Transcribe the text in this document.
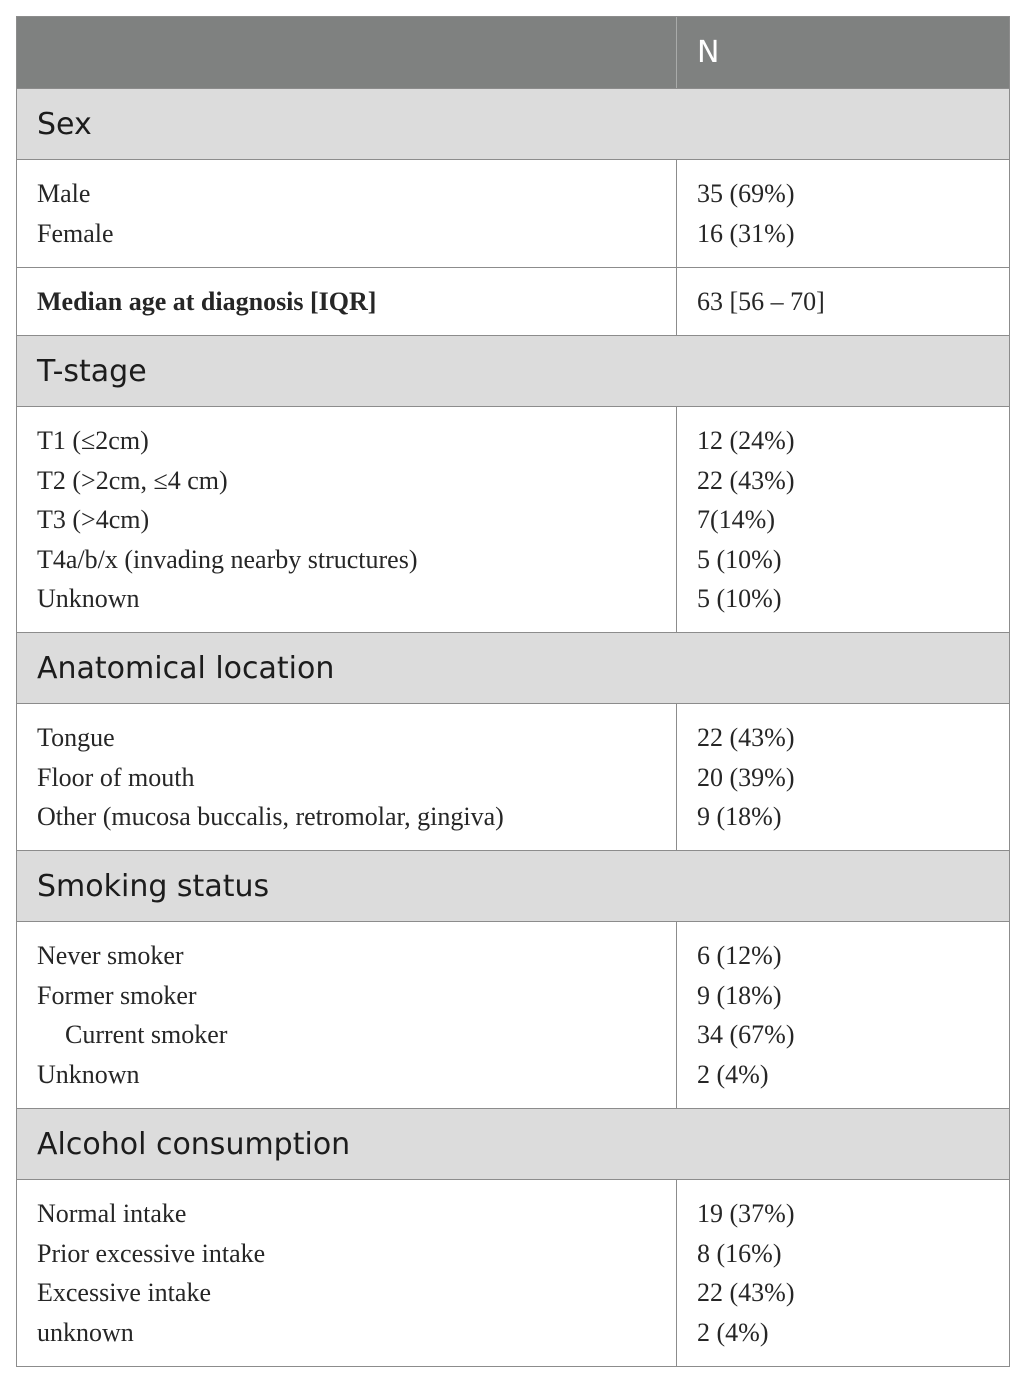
N
Sex
Male
Female
35 (69%)
16 (31%)
Median age at diagnosis [IQR]	63 [56 – 70]
T-stage
T1 (≤2cm)
T2 (>2cm, ≤4 cm)
T3 (>4cm)
T4a/b/x (invading nearby structures)
Unknown
12 (24%)
22 (43%)
7(14%)
5 (10%)
5 (10%)
Anatomical location
Tongue
Floor of mouth
Other (mucosa buccalis, retromolar, gingiva)
22 (43%)
20 (39%)
9 (18%)
Smoking status
Never smoker
Former smoker
Current smoker
Unknown
6 (12%)
9 (18%)
34 (67%)
2 (4%)
Alcohol consumption
Normal intake
Prior excessive intake
Excessive intake
unknown
19 (37%)
8 (16%)
22 (43%)
2 (4%)
